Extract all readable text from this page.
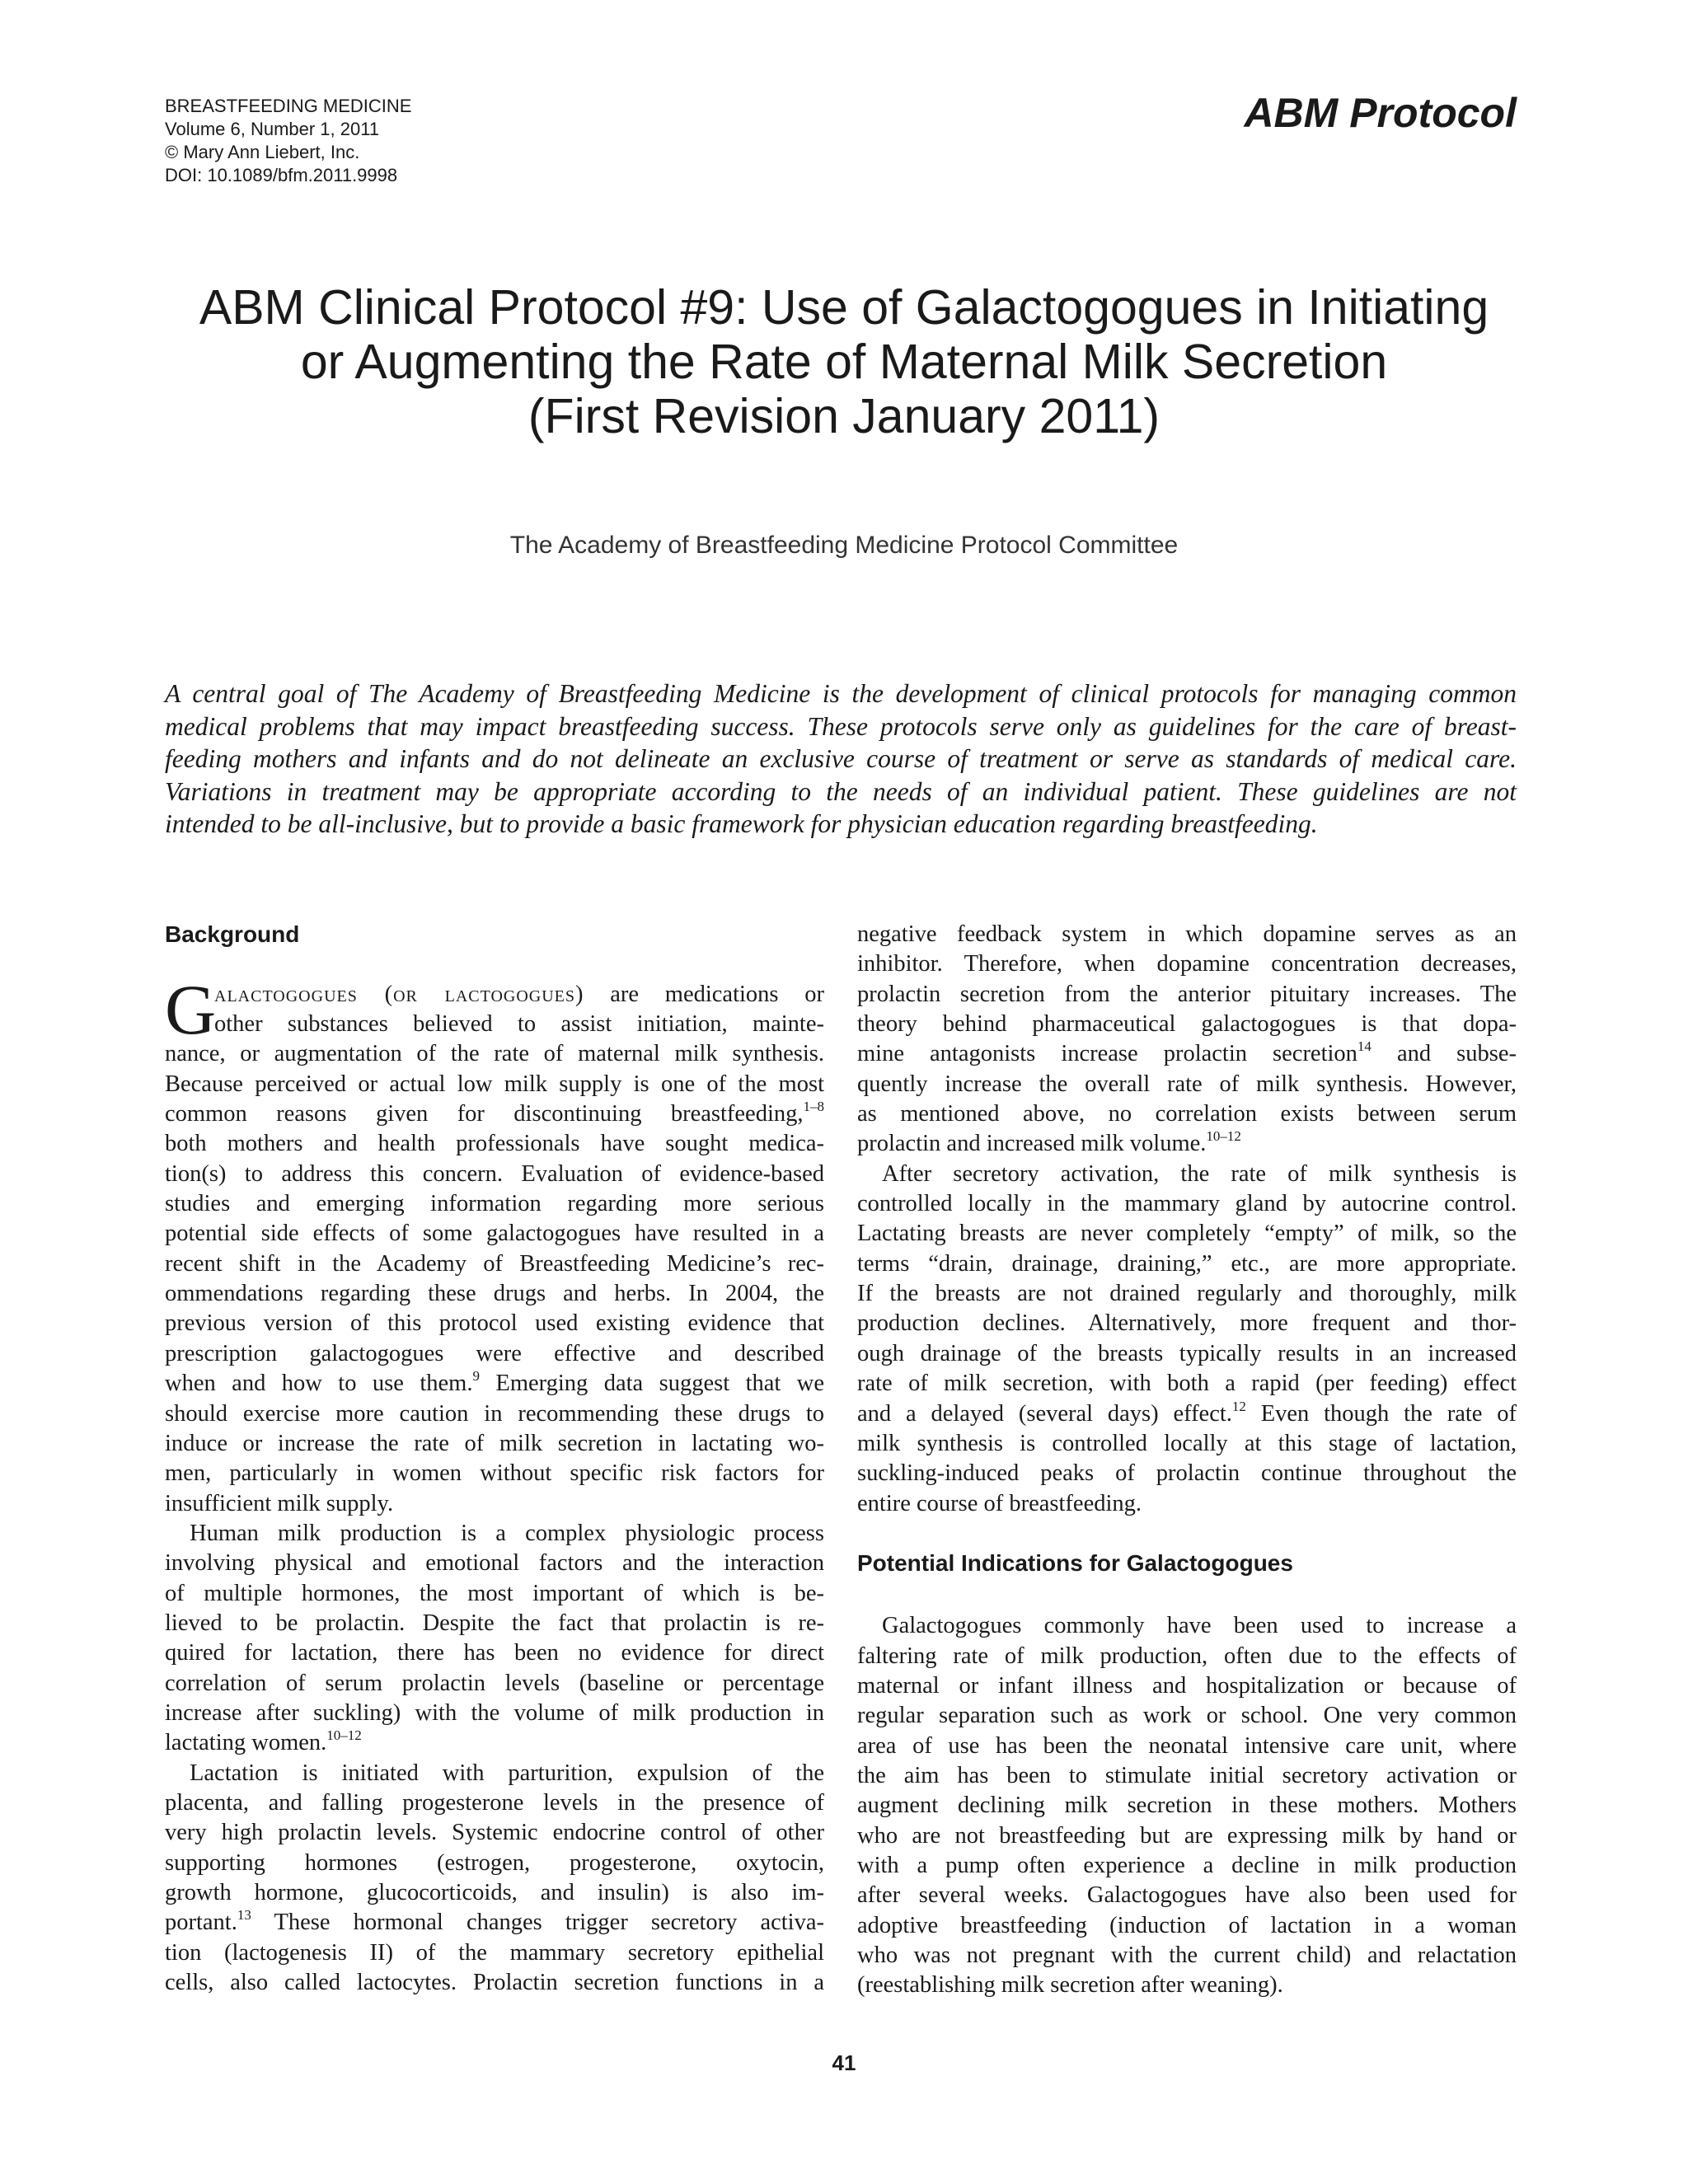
BREASTFEEDING MEDICINE
Volume 6, Number 1, 2011
© Mary Ann Liebert, Inc.
DOI: 10.1089/bfm.2011.9998
ABM Protocol
ABM Clinical Protocol #9: Use of Galactogogues in Initiating
or Augmenting the Rate of Maternal Milk Secretion
(First Revision January 2011)
The Academy of Breastfeeding Medicine Protocol Committee
A central goal of The Academy of Breastfeeding Medicine is the development of clinical protocols for managing common
medical problems that may impact breastfeeding success. These protocols serve only as guidelines for the care of breast-
feeding mothers and infants and do not delineate an exclusive course of treatment or serve as standards of medical care.
Variations in treatment may be appropriate according to the needs of an individual patient. These guidelines are not
intended to be all-inclusive, but to provide a basic framework for physician education regarding breastfeeding.
Background
G
alactogogues (or lactogogues) are medications or
other substances believed to assist initiation, mainte-
nance, or augmentation of the rate of maternal milk synthesis.
Because perceived or actual low milk supply is one of the most
common reasons given for discontinuing breastfeeding,$^{1-8}$
both mothers and health professionals have sought medica-
tion(s) to address this concern. Evaluation of evidence-based
studies and emerging information regarding more serious
potential side effects of some galactogogues have resulted in a
recent shift in the Academy of Breastfeeding Medicine’s rec-
ommendations regarding these drugs and herbs. In 2004, the
previous version of this protocol used existing evidence that
prescription galactogogues were effective and described
when and how to use them.$^9$ Emerging data suggest that we
should exercise more caution in recommending these drugs to
induce or increase the rate of milk secretion in lactating wo-
men, particularly in women without specific risk factors for
insufficient milk supply.
Human milk production is a complex physiologic process
involving physical and emotional factors and the interaction
of multiple hormones, the most important of which is be-
lieved to be prolactin. Despite the fact that prolactin is re-
quired for lactation, there has been no evidence for direct
correlation of serum prolactin levels (baseline or percentage
increase after suckling) with the volume of milk production in
lactating women.$^{10-12}$
Lactation is initiated with parturition, expulsion of the
placenta, and falling progesterone levels in the presence of
very high prolactin levels. Systemic endocrine control of other
supporting hormones (estrogen, progesterone, oxytocin,
growth hormone, glucocorticoids, and insulin) is also im-
portant.$^{13}$ These hormonal changes trigger secretory activa-
tion (lactogenesis II) of the mammary secretory epithelial
cells, also called lactocytes. Prolactin secretion functions in a
negative feedback system in which dopamine serves as an
inhibitor. Therefore, when dopamine concentration decreases,
prolactin secretion from the anterior pituitary increases. The
theory behind pharmaceutical galactogogues is that dopa-
mine antagonists increase prolactin secretion$^{14}$ and subse-
quently increase the overall rate of milk synthesis. However,
as mentioned above, no correlation exists between serum
prolactin and increased milk volume.$^{10-12}$
After secretory activation, the rate of milk synthesis is
controlled locally in the mammary gland by autocrine control.
Lactating breasts are never completely “empty” of milk, so the
terms “drain, drainage, draining,” etc., are more appropriate.
If the breasts are not drained regularly and thoroughly, milk
production declines. Alternatively, more frequent and thor-
ough drainage of the breasts typically results in an increased
rate of milk secretion, with both a rapid (per feeding) effect
and a delayed (several days) effect.$^{12}$ Even though the rate of
milk synthesis is controlled locally at this stage of lactation,
suckling-induced peaks of prolactin continue throughout the
entire course of breastfeeding.
Potential Indications for Galactogogues
Galactogogues commonly have been used to increase a
faltering rate of milk production, often due to the effects of
maternal or infant illness and hospitalization or because of
regular separation such as work or school. One very common
area of use has been the neonatal intensive care unit, where
the aim has been to stimulate initial secretory activation or
augment declining milk secretion in these mothers. Mothers
who are not breastfeeding but are expressing milk by hand or
with a pump often experience a decline in milk production
after several weeks. Galactogogues have also been used for
adoptive breastfeeding (induction of lactation in a woman
who was not pregnant with the current child) and relactation
(reestablishing milk secretion after weaning).
41
